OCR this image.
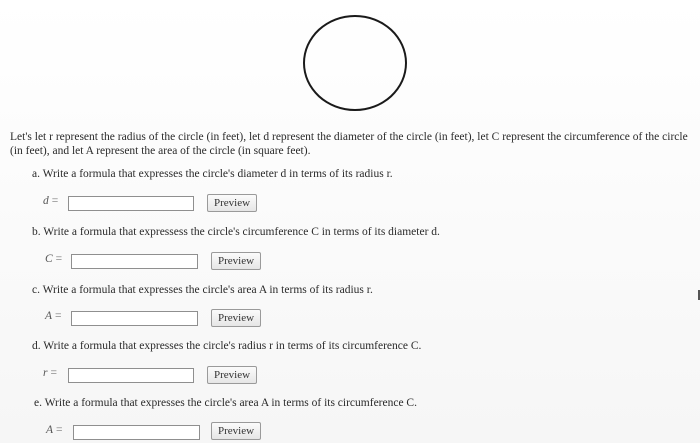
Let's let r represent the radius of the circle (in feet), let d represent the diameter of the circle (in feet), let C represent the circumference of the circle (in feet), and let A represent the area of the circle (in square feet).
a. Write a formula that expresses the circle's diameter d in terms of its radius r.
d =	Preview
b. Write a formula that expressess the circle's circumference C in terms of its diameter d.
C =	Preview
c. Write a formula that expresses the circle's area A in terms of its radius r.
A =	Preview
d. Write a formula that expresses the circle's radius r in terms of its circumference C.
r =	Preview
e. Write a formula that expresses the circle's area A in terms of its circumference C.
A =	Preview
